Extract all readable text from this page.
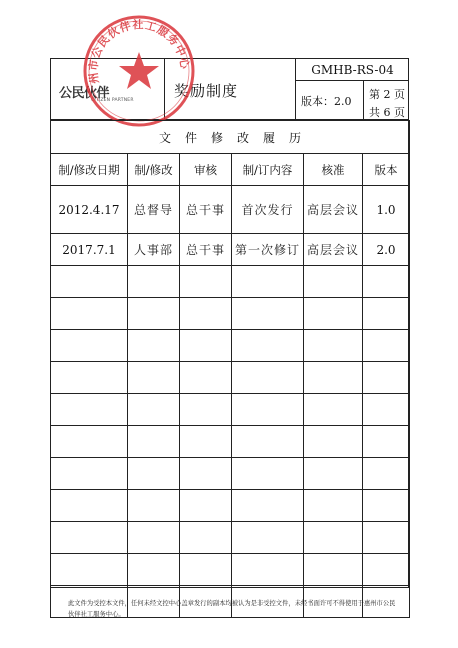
公民伙伴
CITIZEN PARTNER
奖励制度
GMHB-RS-04
版本：2.0
第 2 页
共 6 页
州市公民伙伴社工服务中心
文件修改履历					
制/修改日期	制/修改	审核	制/订内容	核准	版本
2012.4.17	总督导	总干事	首次发行	高层会议	1.0
2017.7.1	人事部	总干事	第一次修订	高层会议	2.0

此文件为受控本文件，任何未经文控中心盖章发行的副本均被认为是非受控文件，未经书面许可不得使用于惠州市公民伙伴社工服务中心。
